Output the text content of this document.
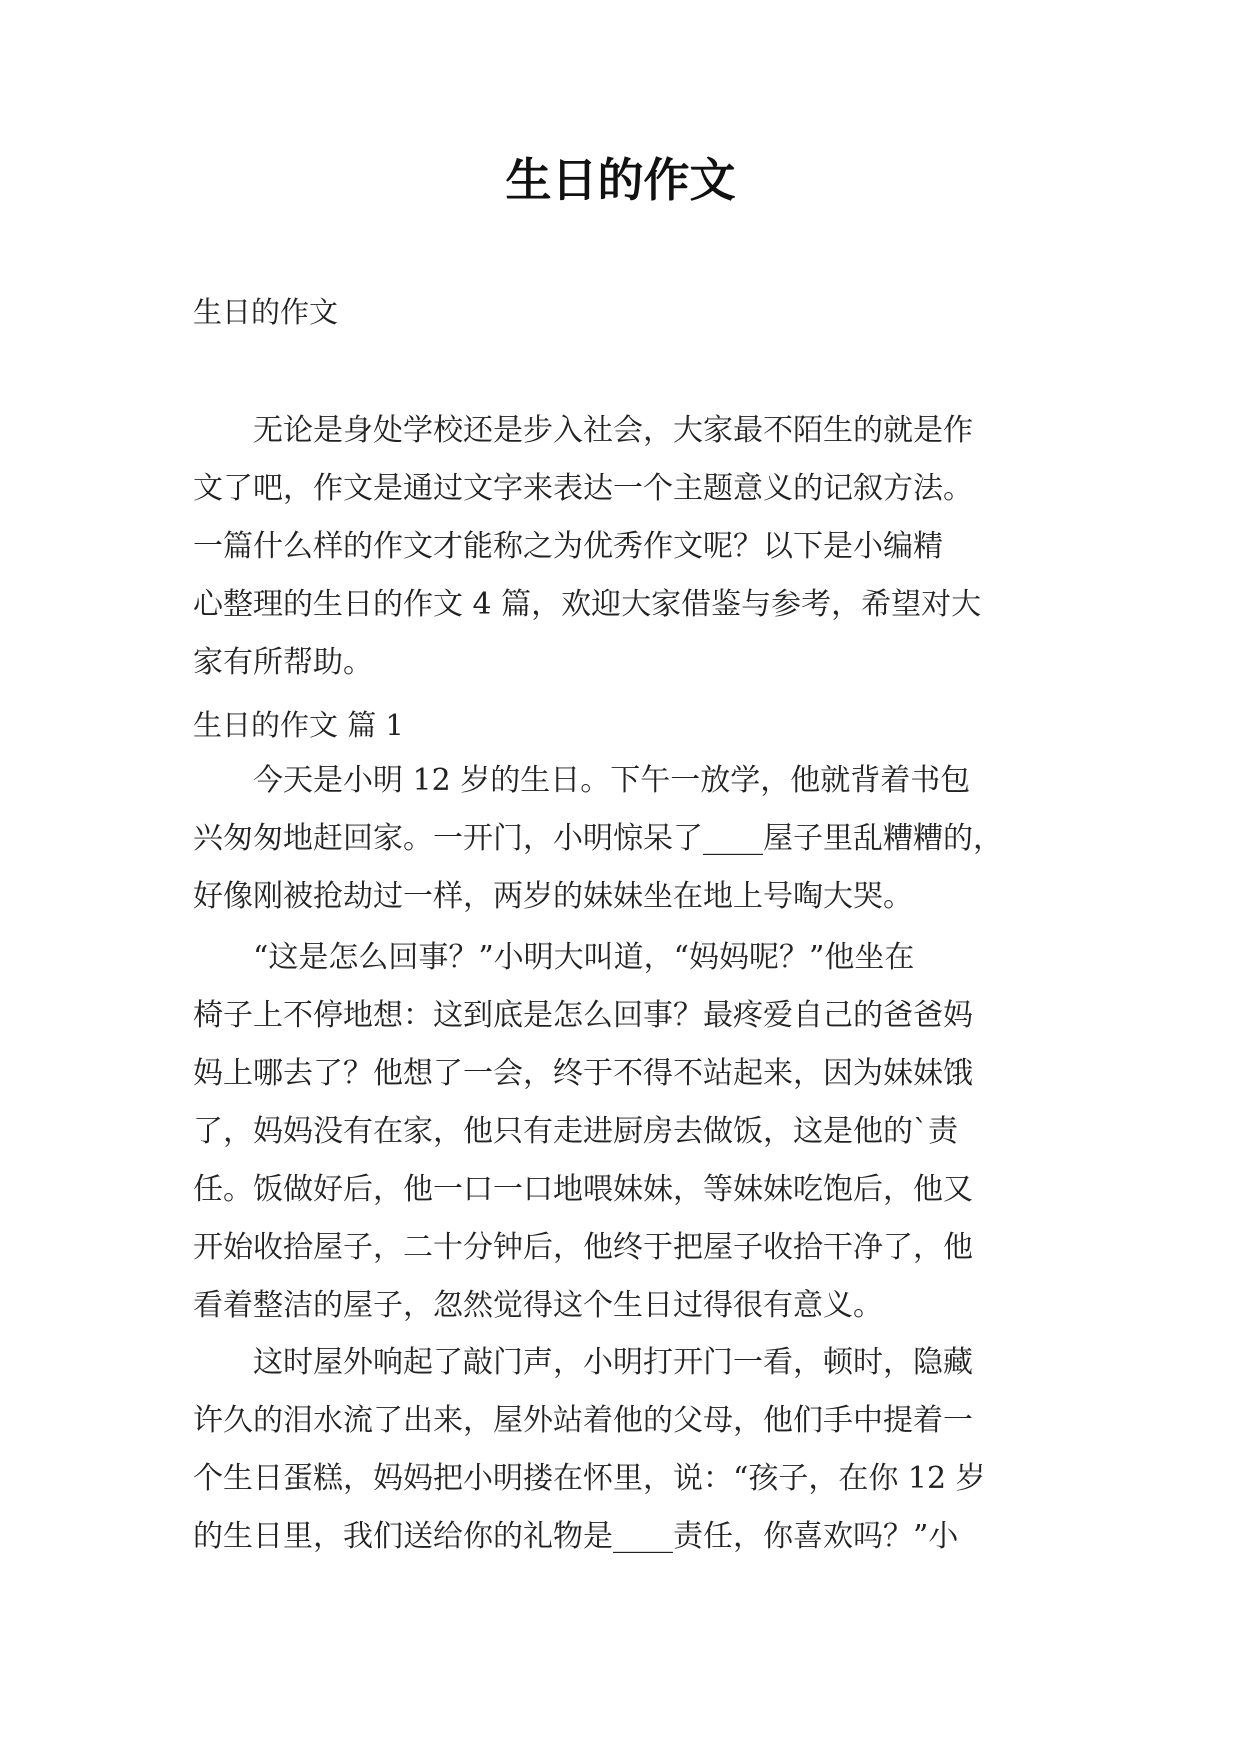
生日的作文

生日的作文

　　无论是身处学校还是步入社会，大家最不陌生的就是作
文了吧，作文是通过文字来表达一个主题意义的记叙方法。
一篇什么样的作文才能称之为优秀作文呢？以下是小编精
心整理的生日的作文 4 篇，欢迎大家借鉴与参考，希望对大
家有所帮助。

生日的作文 篇 1

　　今天是小明 12 岁的生日。下午一放学，他就背着书包
兴匆匆地赶回家。一开门，小明惊呆了____屋子里乱糟糟的，
好像刚被抢劫过一样，两岁的妹妹坐在地上号啕大哭。
　　“这是怎么回事？”小明大叫道，“妈妈呢？”他坐在
椅子上不停地想：这到底是怎么回事？最疼爱自己的爸爸妈
妈上哪去了？他想了一会，终于不得不站起来，因为妹妹饿
了，妈妈没有在家，他只有走进厨房去做饭，这是他的`责
任。饭做好后，他一口一口地喂妹妹，等妹妹吃饱后，他又
开始收拾屋子，二十分钟后，他终于把屋子收拾干净了，他
看着整洁的屋子，忽然觉得这个生日过得很有意义。
　　这时屋外响起了敲门声，小明打开门一看，顿时，隐藏
许久的泪水流了出来，屋外站着他的父母，他们手中提着一
个生日蛋糕，妈妈把小明搂在怀里，说：“孩子，在你 12 岁
的生日里，我们送给你的礼物是____责任，你喜欢吗？”小
